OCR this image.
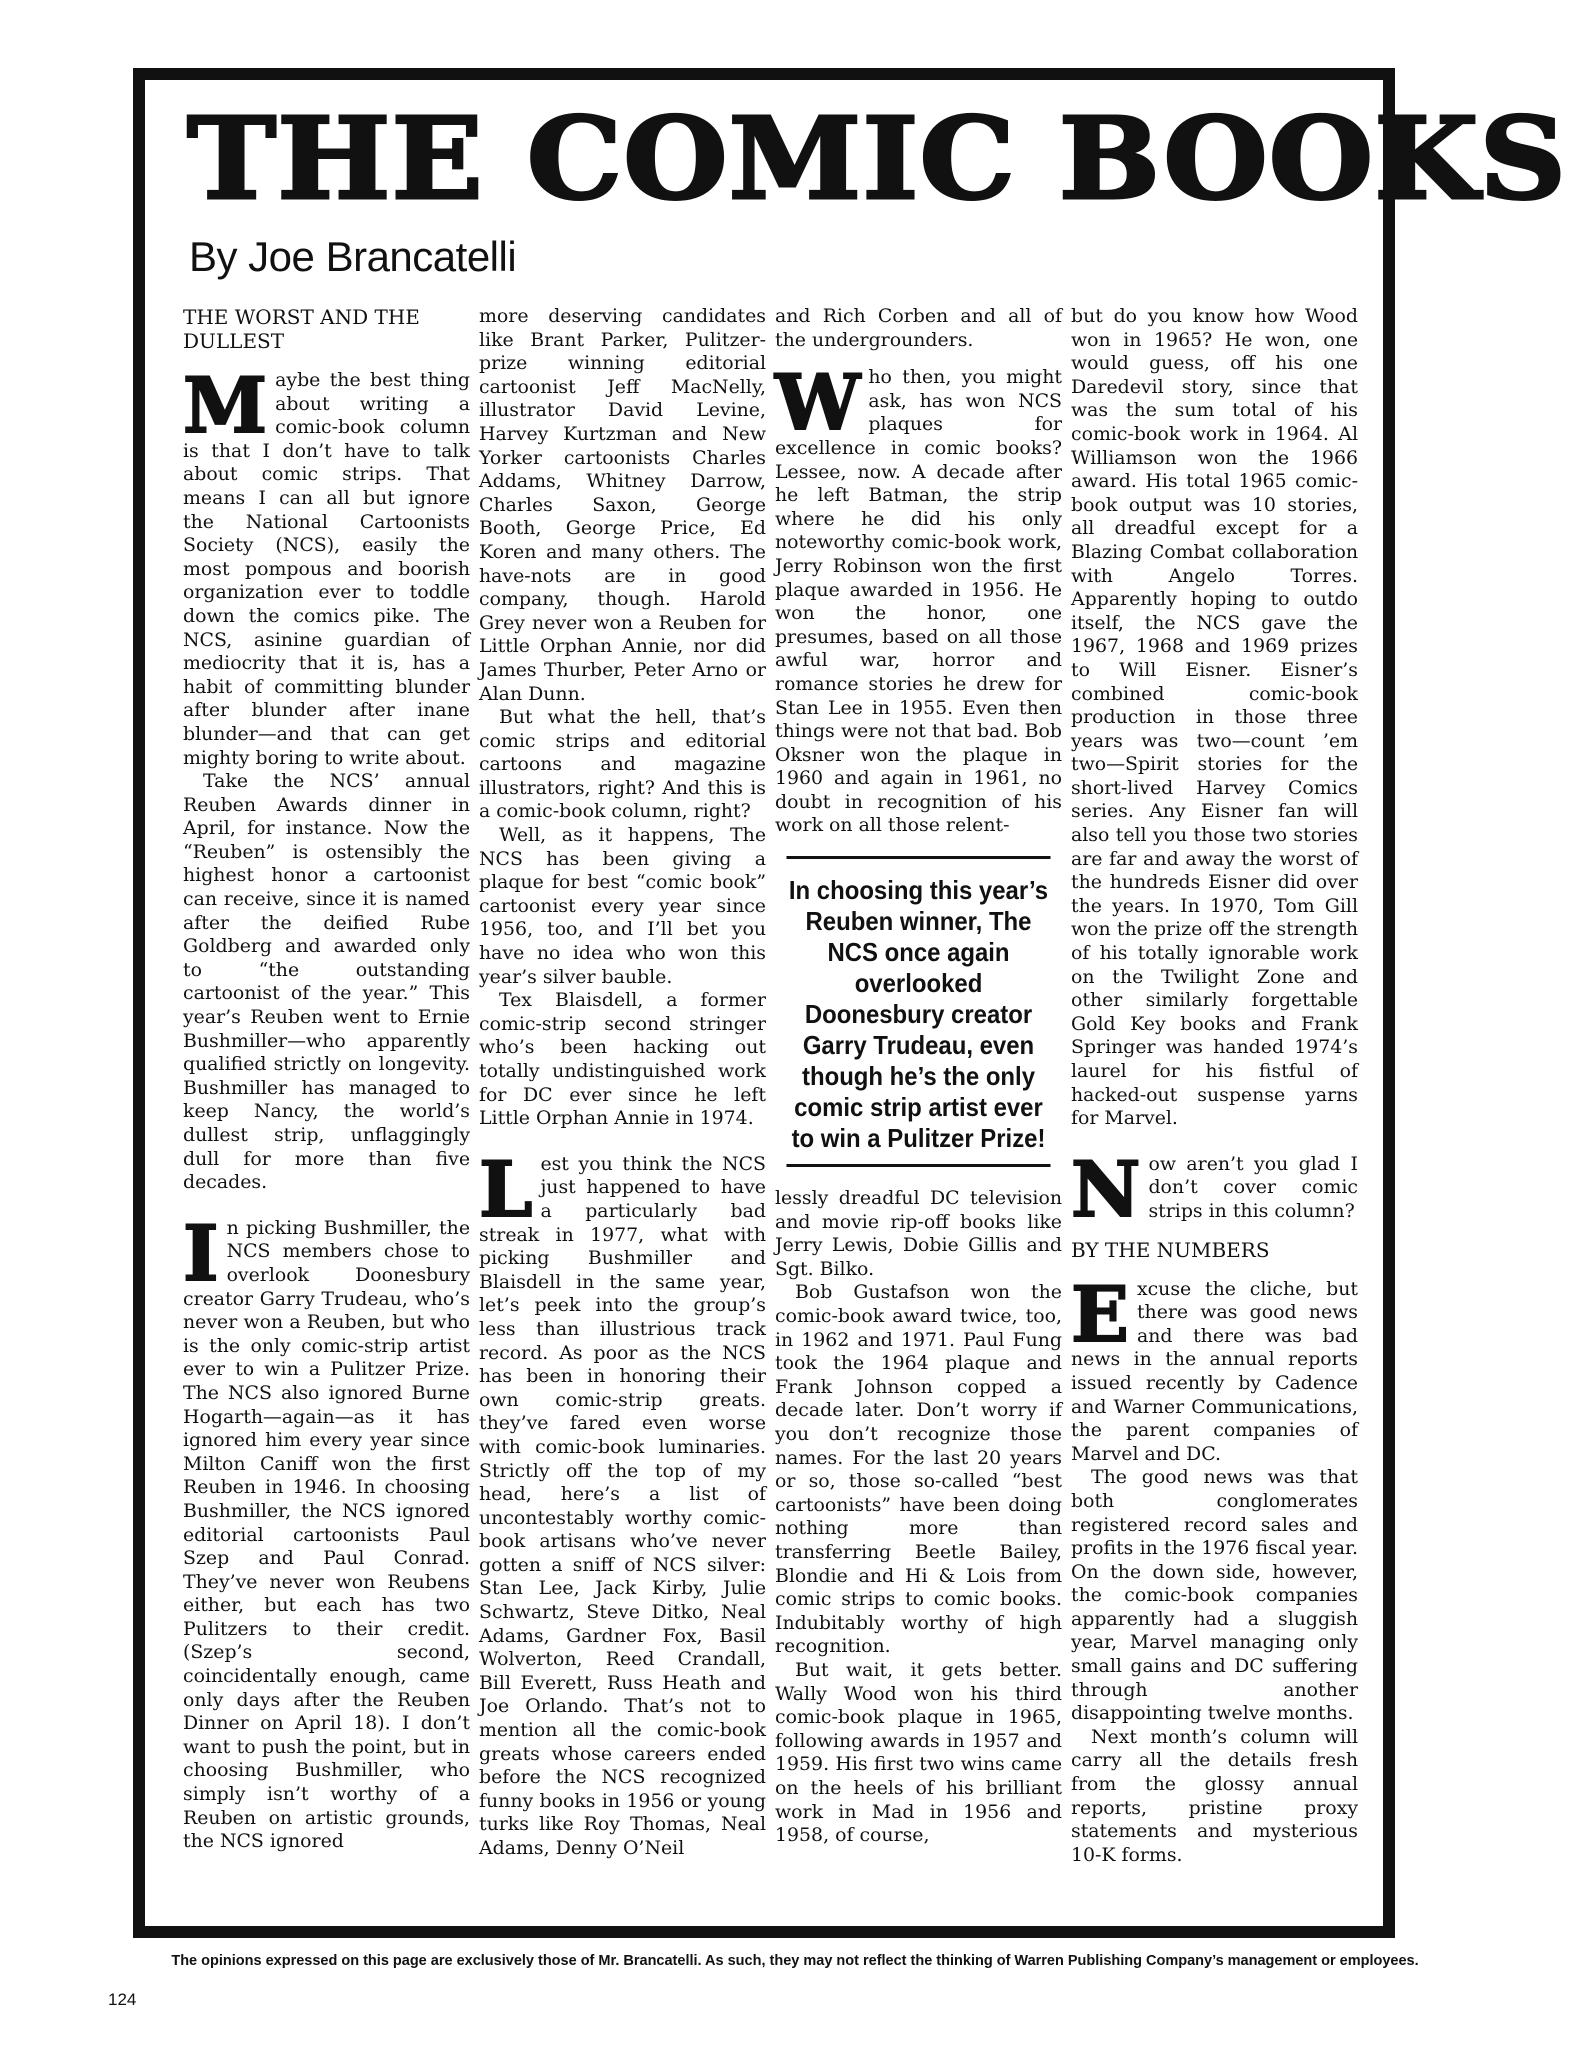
THE COMIC BOOKS
By Joe Brancatelli
THE WORST AND THE DULLEST

Maybe the best thing about writing a comic-book column is that I don’t have to talk about comic strips. That means I can all but ignore the National Cartoonists Society (NCS), easily the most pompous and boorish organization ever to toddle down the comics pike. The NCS, asinine guardian of mediocrity that it is, has a habit of committing blunder after blunder after inane blunder—and that can get mighty boring to write about.

Take the NCS’ annual Reuben Awards dinner in April, for instance. Now the “Reuben” is ostensibly the highest honor a cartoonist can receive, since it is named after the deified Rube Goldberg and awarded only to “the outstanding cartoonist of the year.” This year’s Reuben went to Ernie Bushmiller—who apparently qualified strictly on longevity. Bushmiller has managed to keep Nancy, the world’s dullest strip, unflaggingly dull for more than five decades.

In picking Bushmiller, the NCS members chose to overlook Doonesbury creator Garry Trudeau, who’s never won a Reuben, but who is the only comic-strip artist ever to win a Pulitzer Prize. The NCS also ignored Burne Hogarth—again—as it has ignored him every year since Milton Caniff won the first Reuben in 1946. In choosing Bushmiller, the NCS ignored editorial cartoonists Paul Szep and Paul Conrad. They’ve never won Reubens either, but each has two Pulitzers to their credit. (Szep’s second, coincidentally enough, came only days after the Reuben Dinner on April 18). I don’t want to push the point, but in choosing Bushmiller, who simply isn’t worthy of a Reuben on artistic grounds, the NCS ignored

more deserving candidates like Brant Parker, Pulitzer-prize winning editorial cartoonist Jeff MacNelly, illustrator David Levine, Harvey Kurtzman and New Yorker cartoonists Charles Addams, Whitney Darrow, Charles Saxon, George Booth, George Price, Ed Koren and many others. The have-nots are in good company, though. Harold Grey never won a Reuben for Little Orphan Annie, nor did James Thurber, Peter Arno or Alan Dunn.

But what the hell, that’s comic strips and editorial cartoons and magazine illustrators, right? And this is a comic-book column, right?

Well, as it happens, The NCS has been giving a plaque for best “comic book” cartoonist every year since 1956, too, and I’ll bet you have no idea who won this year’s silver bauble.

Tex Blaisdell, a former comic-strip second stringer who’s been hacking out totally undistinguished work for DC ever since he left Little Orphan Annie in 1974.

Lest you think the NCS just happened to have a particularly bad streak in 1977, what with picking Bushmiller and Blaisdell in the same year, let’s peek into the group’s less than illustrious track record. As poor as the NCS has been in honoring their own comic-strip greats. they’ve fared even worse with comic-book luminaries. Strictly off the top of my head, here’s a list of uncontestably worthy comic-book artisans who’ve never gotten a sniff of NCS silver: Stan Lee, Jack Kirby, Julie Schwartz, Steve Ditko, Neal Adams, Gardner Fox, Basil Wolverton, Reed Crandall, Bill Everett, Russ Heath and Joe Orlando. That’s not to mention all the comic-book greats whose careers ended before the NCS recognized funny books in 1956 or young turks like Roy Thomas, Neal Adams, Denny O’Neil

and Rich Corben and all of the undergrounders.

Who then, you might ask, has won NCS plaques for excellence in comic books? Lessee, now. A decade after he left Batman, the strip where he did his only noteworthy comic-book work, Jerry Robinson won the first plaque awarded in 1956. He won the honor, one presumes, based on all those awful war, horror and romance stories he drew for Stan Lee in 1955. Even then things were not that bad. Bob Oksner won the plaque in 1960 and again in 1961, no doubt in recognition of his work on all those relent-

In choosing this year’s Reuben winner, The NCS once again overlooked Doonesbury creator Garry Trudeau, even though he’s the only comic strip artist ever to win a Pulitzer Prize!

lessly dreadful DC television and movie rip-off books like Jerry Lewis, Dobie Gillis and Sgt. Bilko.

Bob Gustafson won the comic-book award twice, too, in 1962 and 1971. Paul Fung took the 1964 plaque and Frank Johnson copped a decade later. Don’t worry if you don’t recognize those names. For the last 20 years or so, those so-called “best cartoonists” have been doing nothing more than transferring Beetle Bailey, Blondie and Hi & Lois from comic strips to comic books. Indubitably worthy of high recognition.

But wait, it gets better. Wally Wood won his third comic-book plaque in 1965, following awards in 1957 and 1959. His first two wins came on the heels of his brilliant work in Mad in 1956 and 1958, of course,

but do you know how Wood won in 1965? He won, one would guess, off his one Daredevil story, since that was the sum total of his comic-book work in 1964. Al Williamson won the 1966 award. His total 1965 comic-book output was 10 stories, all dreadful except for a Blazing Combat collaboration with Angelo Torres. Apparently hoping to outdo itself, the NCS gave the 1967, 1968 and 1969 prizes to Will Eisner. Eisner’s combined comic-book production in those three years was two—count ’em two—Spirit stories for the short-lived Harvey Comics series. Any Eisner fan will also tell you those two stories are far and away the worst of the hundreds Eisner did over the years. In 1970, Tom Gill won the prize off the strength of his totally ignorable work on the Twilight Zone and other similarly forgettable Gold Key books and Frank Springer was handed 1974’s laurel for his fistful of hacked-out suspense yarns for Marvel.

Now aren’t you glad I don’t cover comic strips in this column?

BY THE NUMBERS

Excuse the cliche, but there was good news and there was bad news in the annual reports issued recently by Cadence and Warner Communications, the parent companies of Marvel and DC.

The good news was that both conglomerates registered record sales and profits in the 1976 fiscal year. On the down side, however, the comic-book companies apparently had a sluggish year, Marvel managing only small gains and DC suffering through another disappointing twelve months.

Next month’s column will carry all the details fresh from the glossy annual reports, pristine proxy statements and mysterious 10-K forms.

The opinions expressed on this page are exclusively those of Mr. Brancatelli. As such, they may not reflect the thinking of Warren Publishing Company’s management or employees.
124
